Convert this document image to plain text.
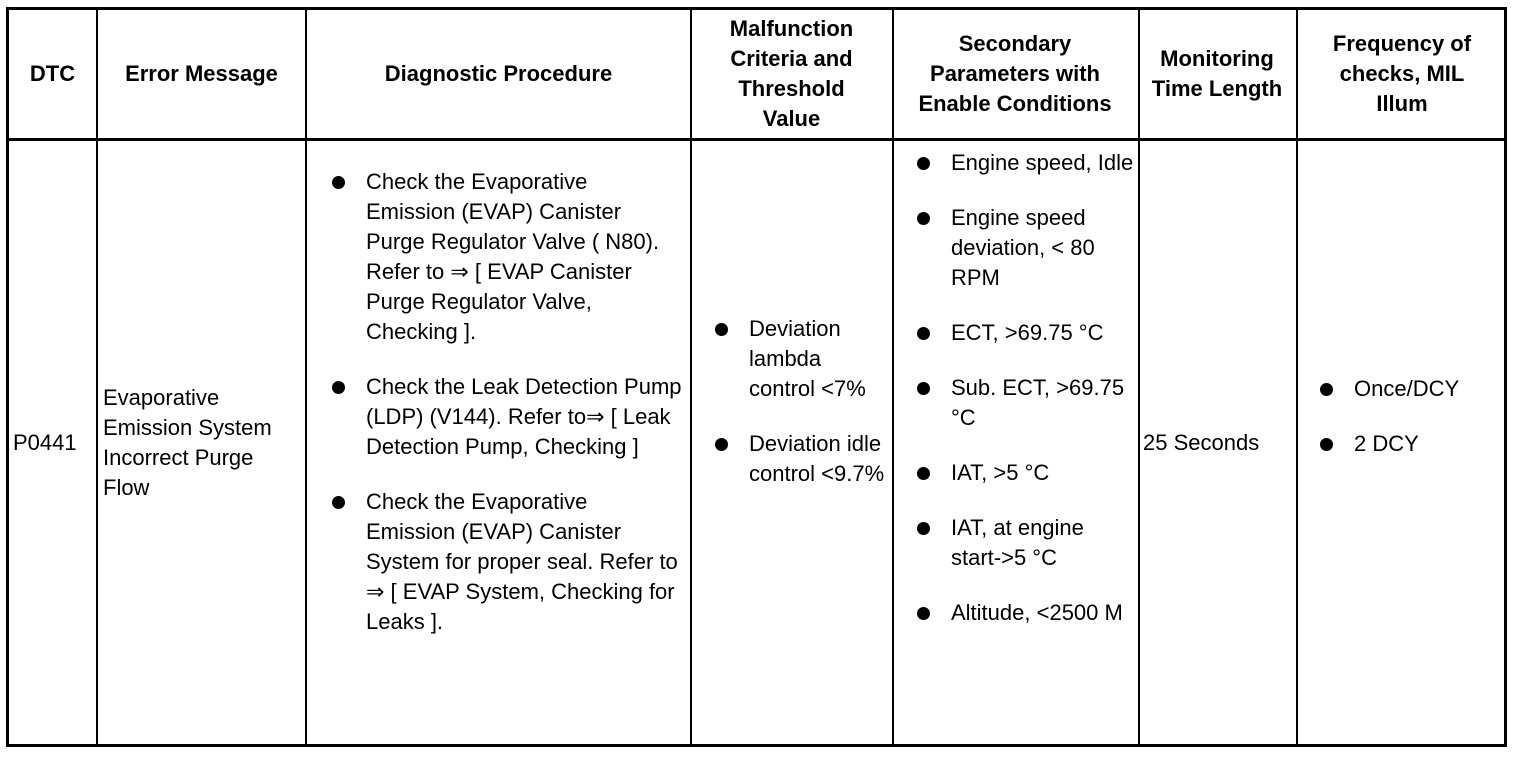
DTC	Error Message	Diagnostic Procedure
Malfunction Criteria and Threshold Value
Secondary Parameters with Enable Conditions
Monitoring Time Length
Frequency of checks, MIL Illum
P0441
Evaporative Emission System Incorrect Purge Flow
Check the Evaporative Emission (EVAP) Canister Purge Regulator Valve ( N80). Refer to ⇒ [ EVAP Canister Purge Regulator Valve, Checking ].
Check the Leak Detection Pump (LDP) (V144). Refer to⇒ [ Leak Detection Pump, Checking ]
Check the Evaporative Emission (EVAP) Canister System for proper seal. Refer to ⇒ [ EVAP System, Checking for Leaks ].
Deviation lambda control <7%
Deviation idle control <9.7%
Engine speed, Idle
Engine speed deviation, < 80 RPM
ECT, >69.75 °C
Sub. ECT, >69.75 °C
IAT, >5 °C
IAT, at engine start->5 °C
Altitude, <2500 M
25 Seconds
Once/DCY
2 DCY
